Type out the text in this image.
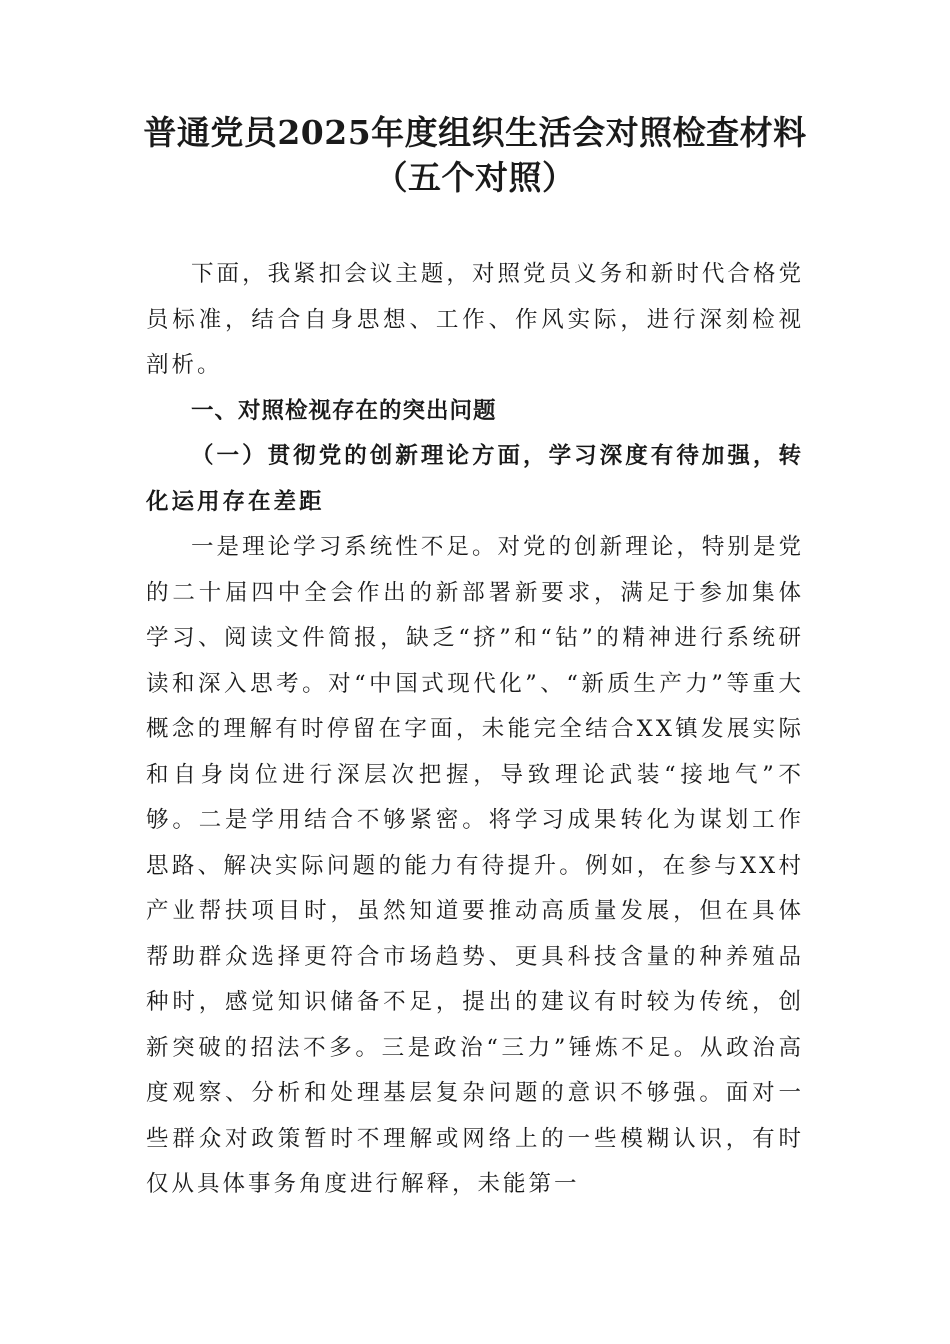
普通党员2025年度组织生活会对照检查材料（五个对照）

下面，我紧扣会议主题，对照党员义务和新时代合格党员标准，结合自身思想、工作、作风实际，进行深刻检视剖析。

一、对照检视存在的突出问题

（一）贯彻党的创新理论方面，学习深度有待加强，转化运用存在差距

一是理论学习系统性不足。对党的创新理论，特别是党的二十届四中全会作出的新部署新要求，满足于参加集体学习、阅读文件简报，缺乏“挤”和“钻”的精神进行系统研读和深入思考。对“中国式现代化”、“新质生产力”等重大概念的理解有时停留在字面，未能完全结合XX镇发展实际和自身岗位进行深层次把握，导致理论武装“接地气”不够。二是学用结合不够紧密。将学习成果转化为谋划工作思路、解决实际问题的能力有待提升。例如，在参与XX村产业帮扶项目时，虽然知道要推动高质量发展，但在具体帮助群众选择更符合市场趋势、更具科技含量的种养殖品种时，感觉知识储备不足，提出的建议有时较为传统，创新突破的招法不多。三是政治“三力”锤炼不足。从政治高度观察、分析和处理基层复杂问题的意识不够强。面对一些群众对政策暂时不理解或网络上的一些模糊认识，有时仅从具体事务角度进行解释，未能第一
